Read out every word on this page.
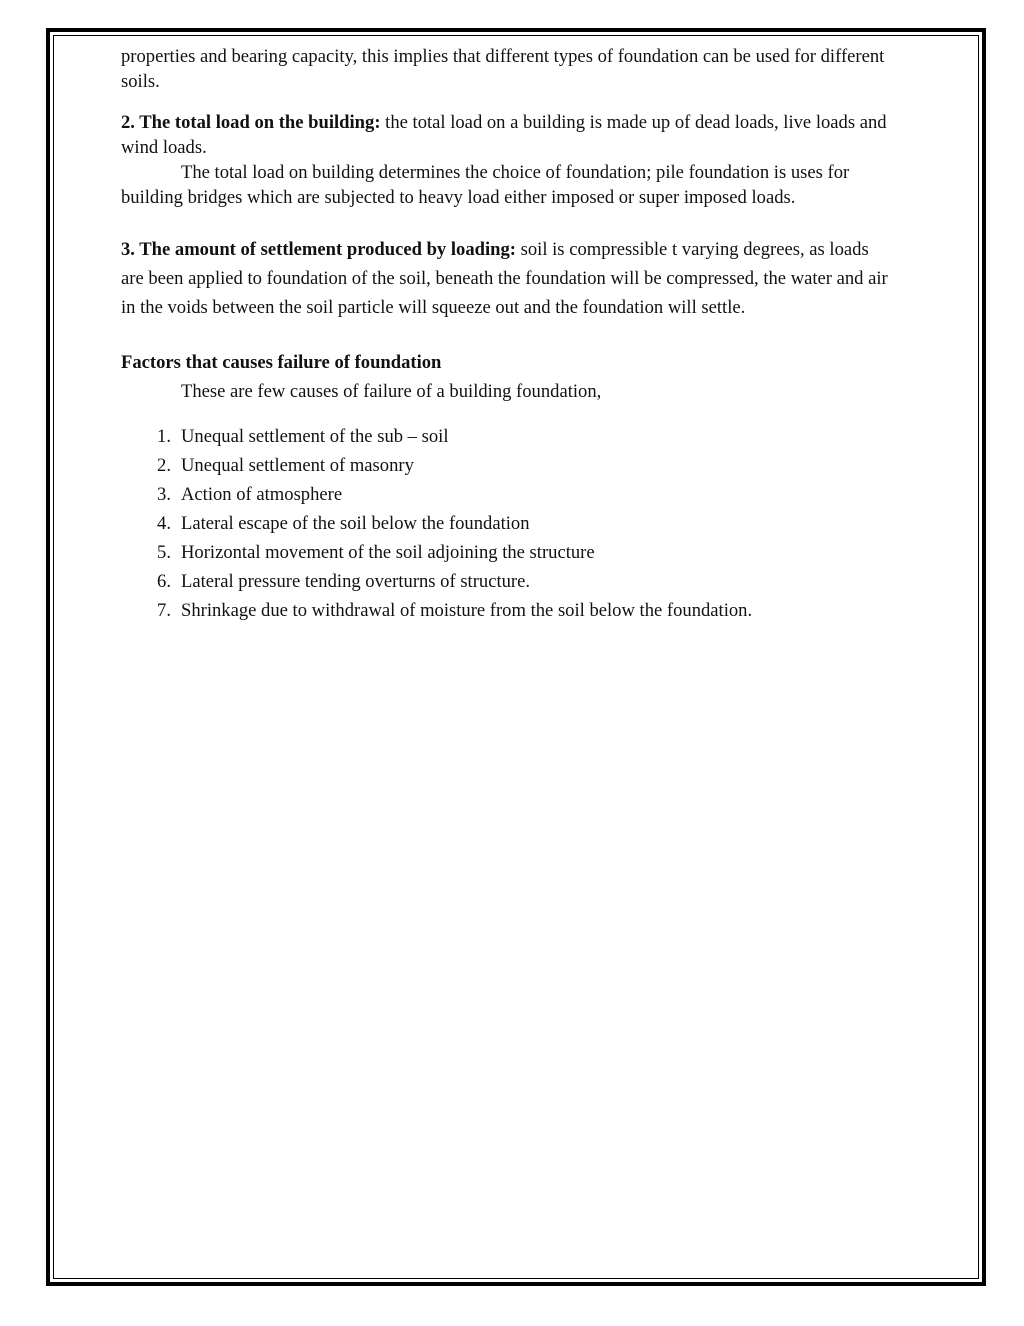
properties and bearing capacity, this implies that different types of foundation can be used for different soils.

2. The total load on the building: the total load on a building is made up of dead loads, live loads and wind loads.

The total load on building determines the choice of foundation; pile foundation is uses for building bridges which are subjected to heavy load either imposed or super imposed loads.

3. The amount of settlement produced by loading: soil is compressible t varying degrees, as loads are been applied to foundation of the soil, beneath the foundation will be compressed, the water and air in the voids between the soil particle will squeeze out and the foundation will settle.

Factors that causes failure of foundation

These are few causes of failure of a building foundation,

1. Unequal settlement of the sub – soil
2. Unequal settlement of masonry
3. Action of atmosphere
4. Lateral escape of the soil below the foundation
5. Horizontal movement of the soil adjoining the structure
6. Lateral pressure tending overturns of structure.
7. Shrinkage due to withdrawal of moisture from the soil below the foundation.
